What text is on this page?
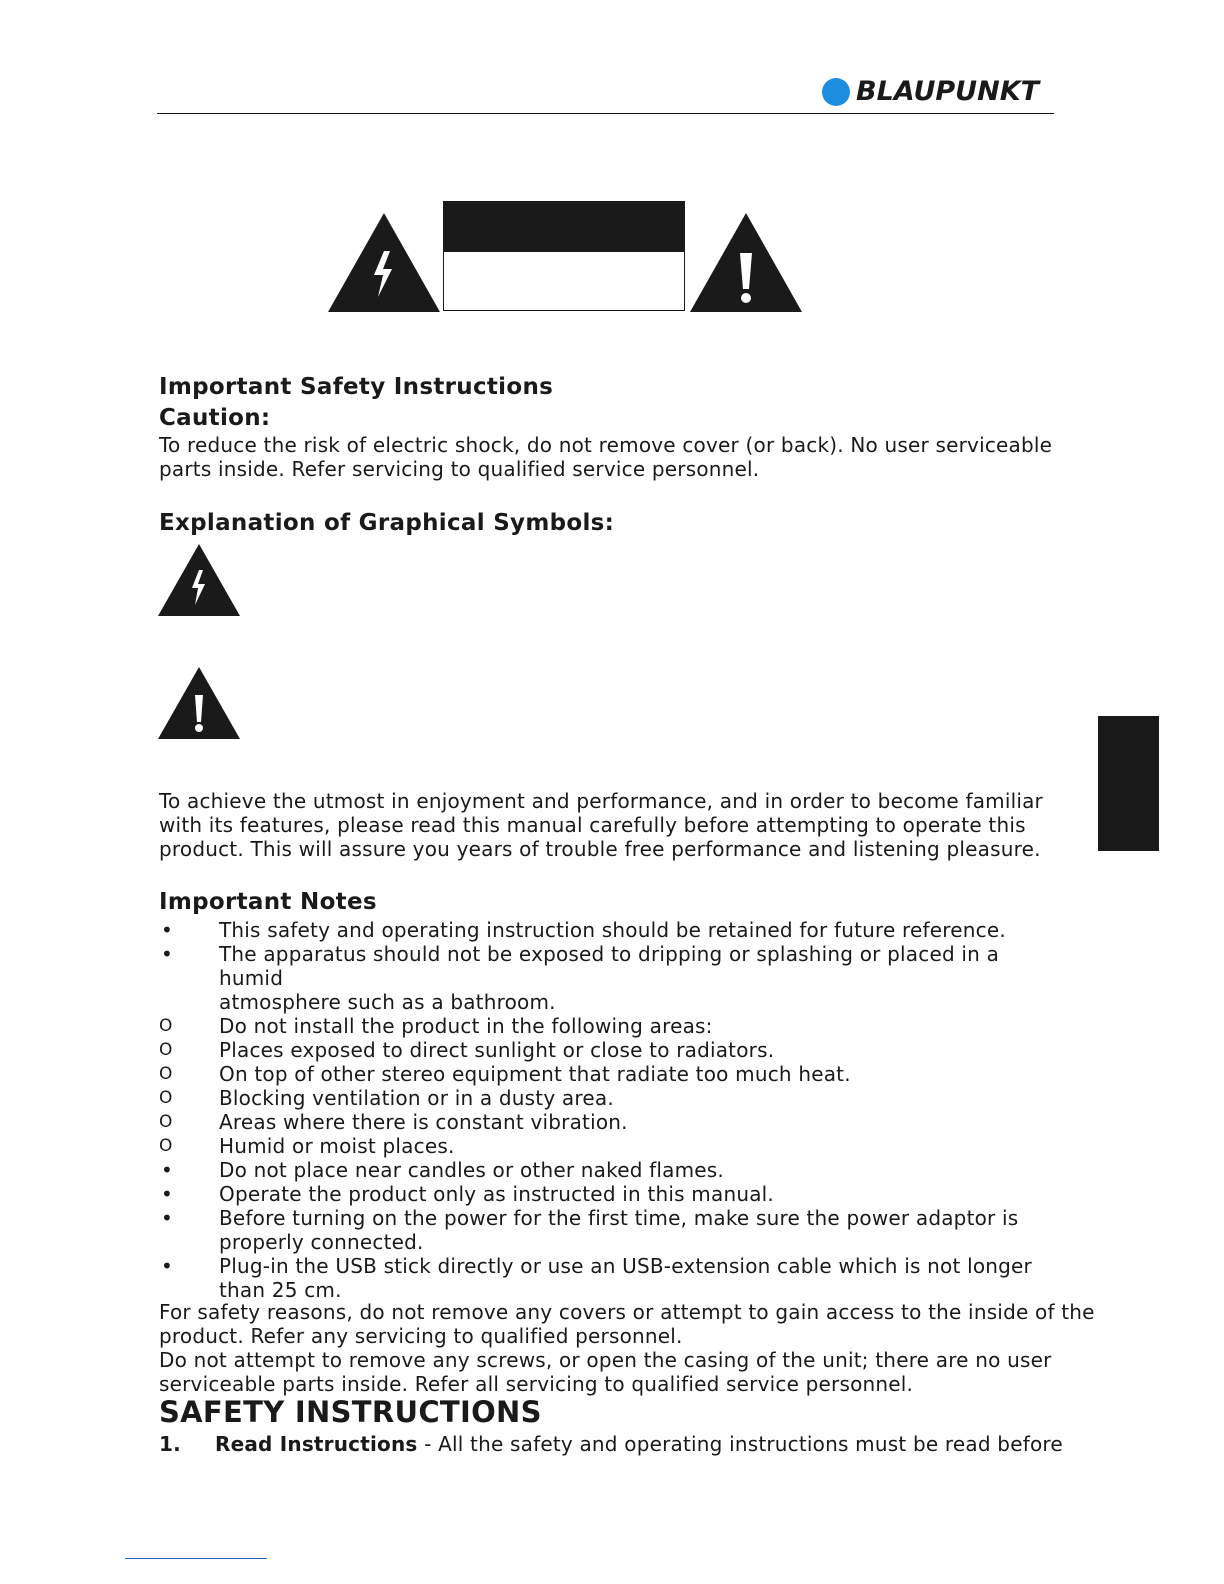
BLAUPUNKT
Important Safety Instructions
Caution:
To reduce the risk of electric shock, do not remove cover (or back). No user serviceable
parts inside. Refer servicing to qualified service personnel.
Explanation of Graphical Symbols:
To achieve the utmost in enjoyment and performance, and in order to become familiar
with its features, please read this manual carefully before attempting to operate this
product. This will assure you years of trouble free performance and listening pleasure.
Important Notes
•	This safety and operating instruction should be retained for future reference.
•	The apparatus should not be exposed to dripping or splashing or placed in a humid
atmosphere such as a bathroom.
O	Do not install the product in the following areas:
O	Places exposed to direct sunlight or close to radiators.
O	On top of other stereo equipment that radiate too much heat.
O	Blocking ventilation or in a dusty area.
O	Areas where there is constant vibration.
O	Humid or moist places.
•	Do not place near candles or other naked flames.
•	Operate the product only as instructed in this manual.
•	Before turning on the power for the first time, make sure the power adaptor is
properly connected.
•	Plug-in the USB stick directly or use an USB-extension cable which is not longer
than 25 cm.
For safety reasons, do not remove any covers or attempt to gain access to the inside of the
product. Refer any servicing to qualified personnel.
Do not attempt to remove any screws, or open the casing of the unit; there are no user
serviceable parts inside. Refer all servicing to qualified service personnel.
SAFETY INSTRUCTIONS
1. Read Instructions - All the safety and operating instructions must be read before
